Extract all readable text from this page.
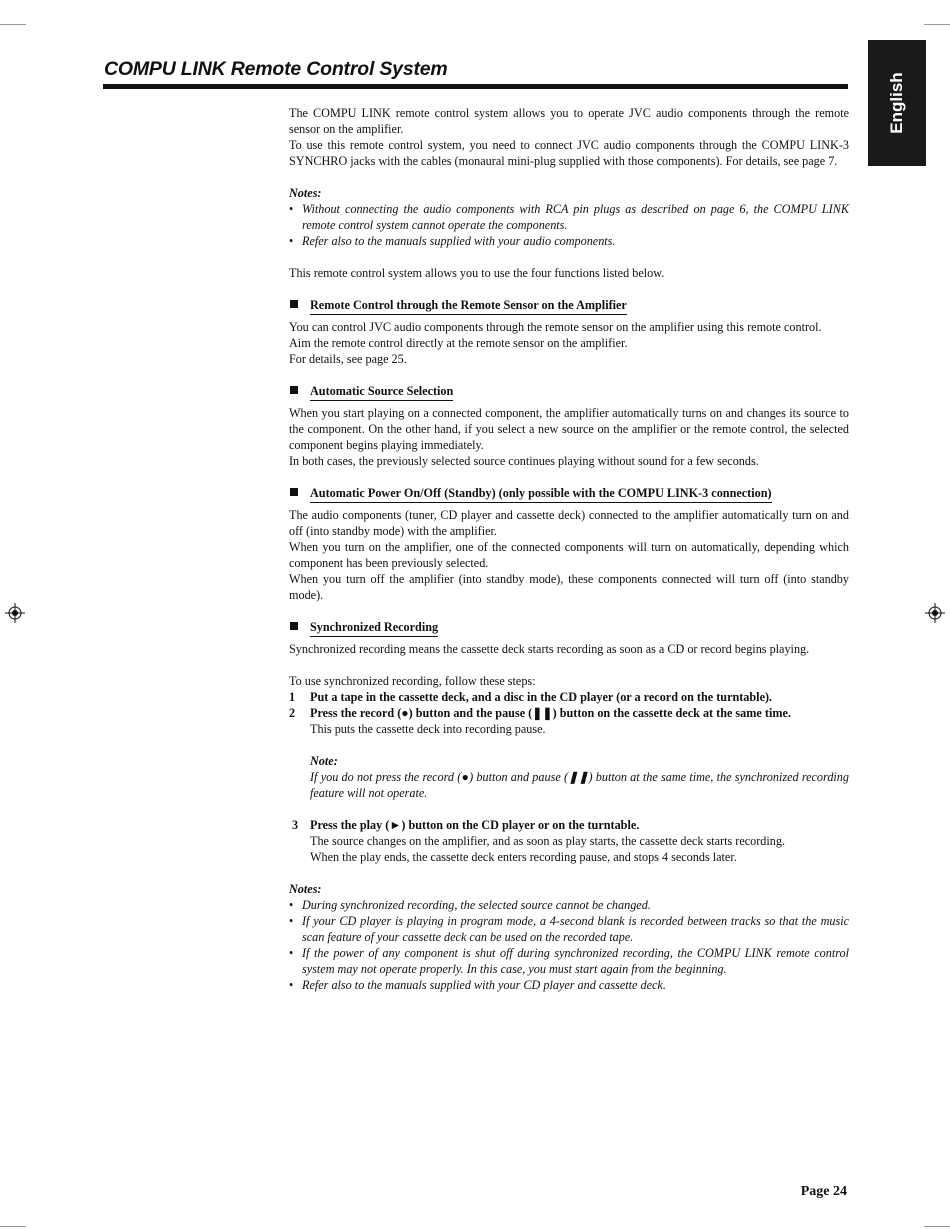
COMPU LINK Remote Control System
English

The COMPU LINK remote control system allows you to operate JVC audio components through the remote sensor on the amplifier.

To use this remote control system, you need to connect JVC audio components through the COMPU LINK-3 SYNCHRO jacks with the cables (monaural mini-plug supplied with those components). For details, see page 7.

Notes:

• Without connecting the audio components with RCA pin plugs as described on page 6, the COMPU LINK remote control system cannot operate the components.
• Refer also to the manuals supplied with your audio components.

This remote control system allows you to use the four functions listed below.

Remote Control through the Remote Sensor on the Amplifier

You can control JVC audio components through the remote sensor on the amplifier using this remote control.

Aim the remote control directly at the remote sensor on the amplifier.

For details, see page 25.

Automatic Source Selection

When you start playing on a connected component, the amplifier automatically turns on and changes its source to the component. On the other hand, if you select a new source on the amplifier or the remote control, the selected component begins playing immediately.

In both cases, the previously selected source continues playing without sound for a few seconds.

Automatic Power On/Off (Standby) (only possible with the COMPU LINK-3 connection)

The audio components (tuner, CD player and cassette deck) connected to the amplifier automatically turn on and off (into standby mode) with the amplifier.

When you turn on the amplifier, one of the connected components will turn on automatically, depending which component has been previously selected.

When you turn off the amplifier (into standby mode), these components connected will turn off (into standby mode).

Synchronized Recording

Synchronized recording means the cassette deck starts recording as soon as a CD or record begins playing.

To use synchronized recording, follow these steps:

1	Put a tape in the cassette deck, and a disc in the CD player (or a record on the turntable).
2	Press the record (●) button and the pause (❚❚) button on the cassette deck at the same time.
This puts the cassette deck into recording pause.

Note:

If you do not press the record (●) button and pause (❚❚) button at the same time, the synchronized recording feature will not operate.

3 Press the play (►) button on the CD player or on the turntable.
The source changes on the amplifier, and as soon as play starts, the cassette deck starts recording.
When the play ends, the cassette deck enters recording pause, and stops 4 seconds later.

Notes:

• During synchronized recording, the selected source cannot be changed.
• If your CD player is playing in program mode, a 4-second blank is recorded between tracks so that the music scan feature of your cassette deck can be used on the recorded tape.
• If the power of any component is shut off during synchronized recording, the COMPU LINK remote control system may not operate properly. In this case, you must start again from the beginning.
• Refer also to the manuals supplied with your CD player and cassette deck.
Page 24
